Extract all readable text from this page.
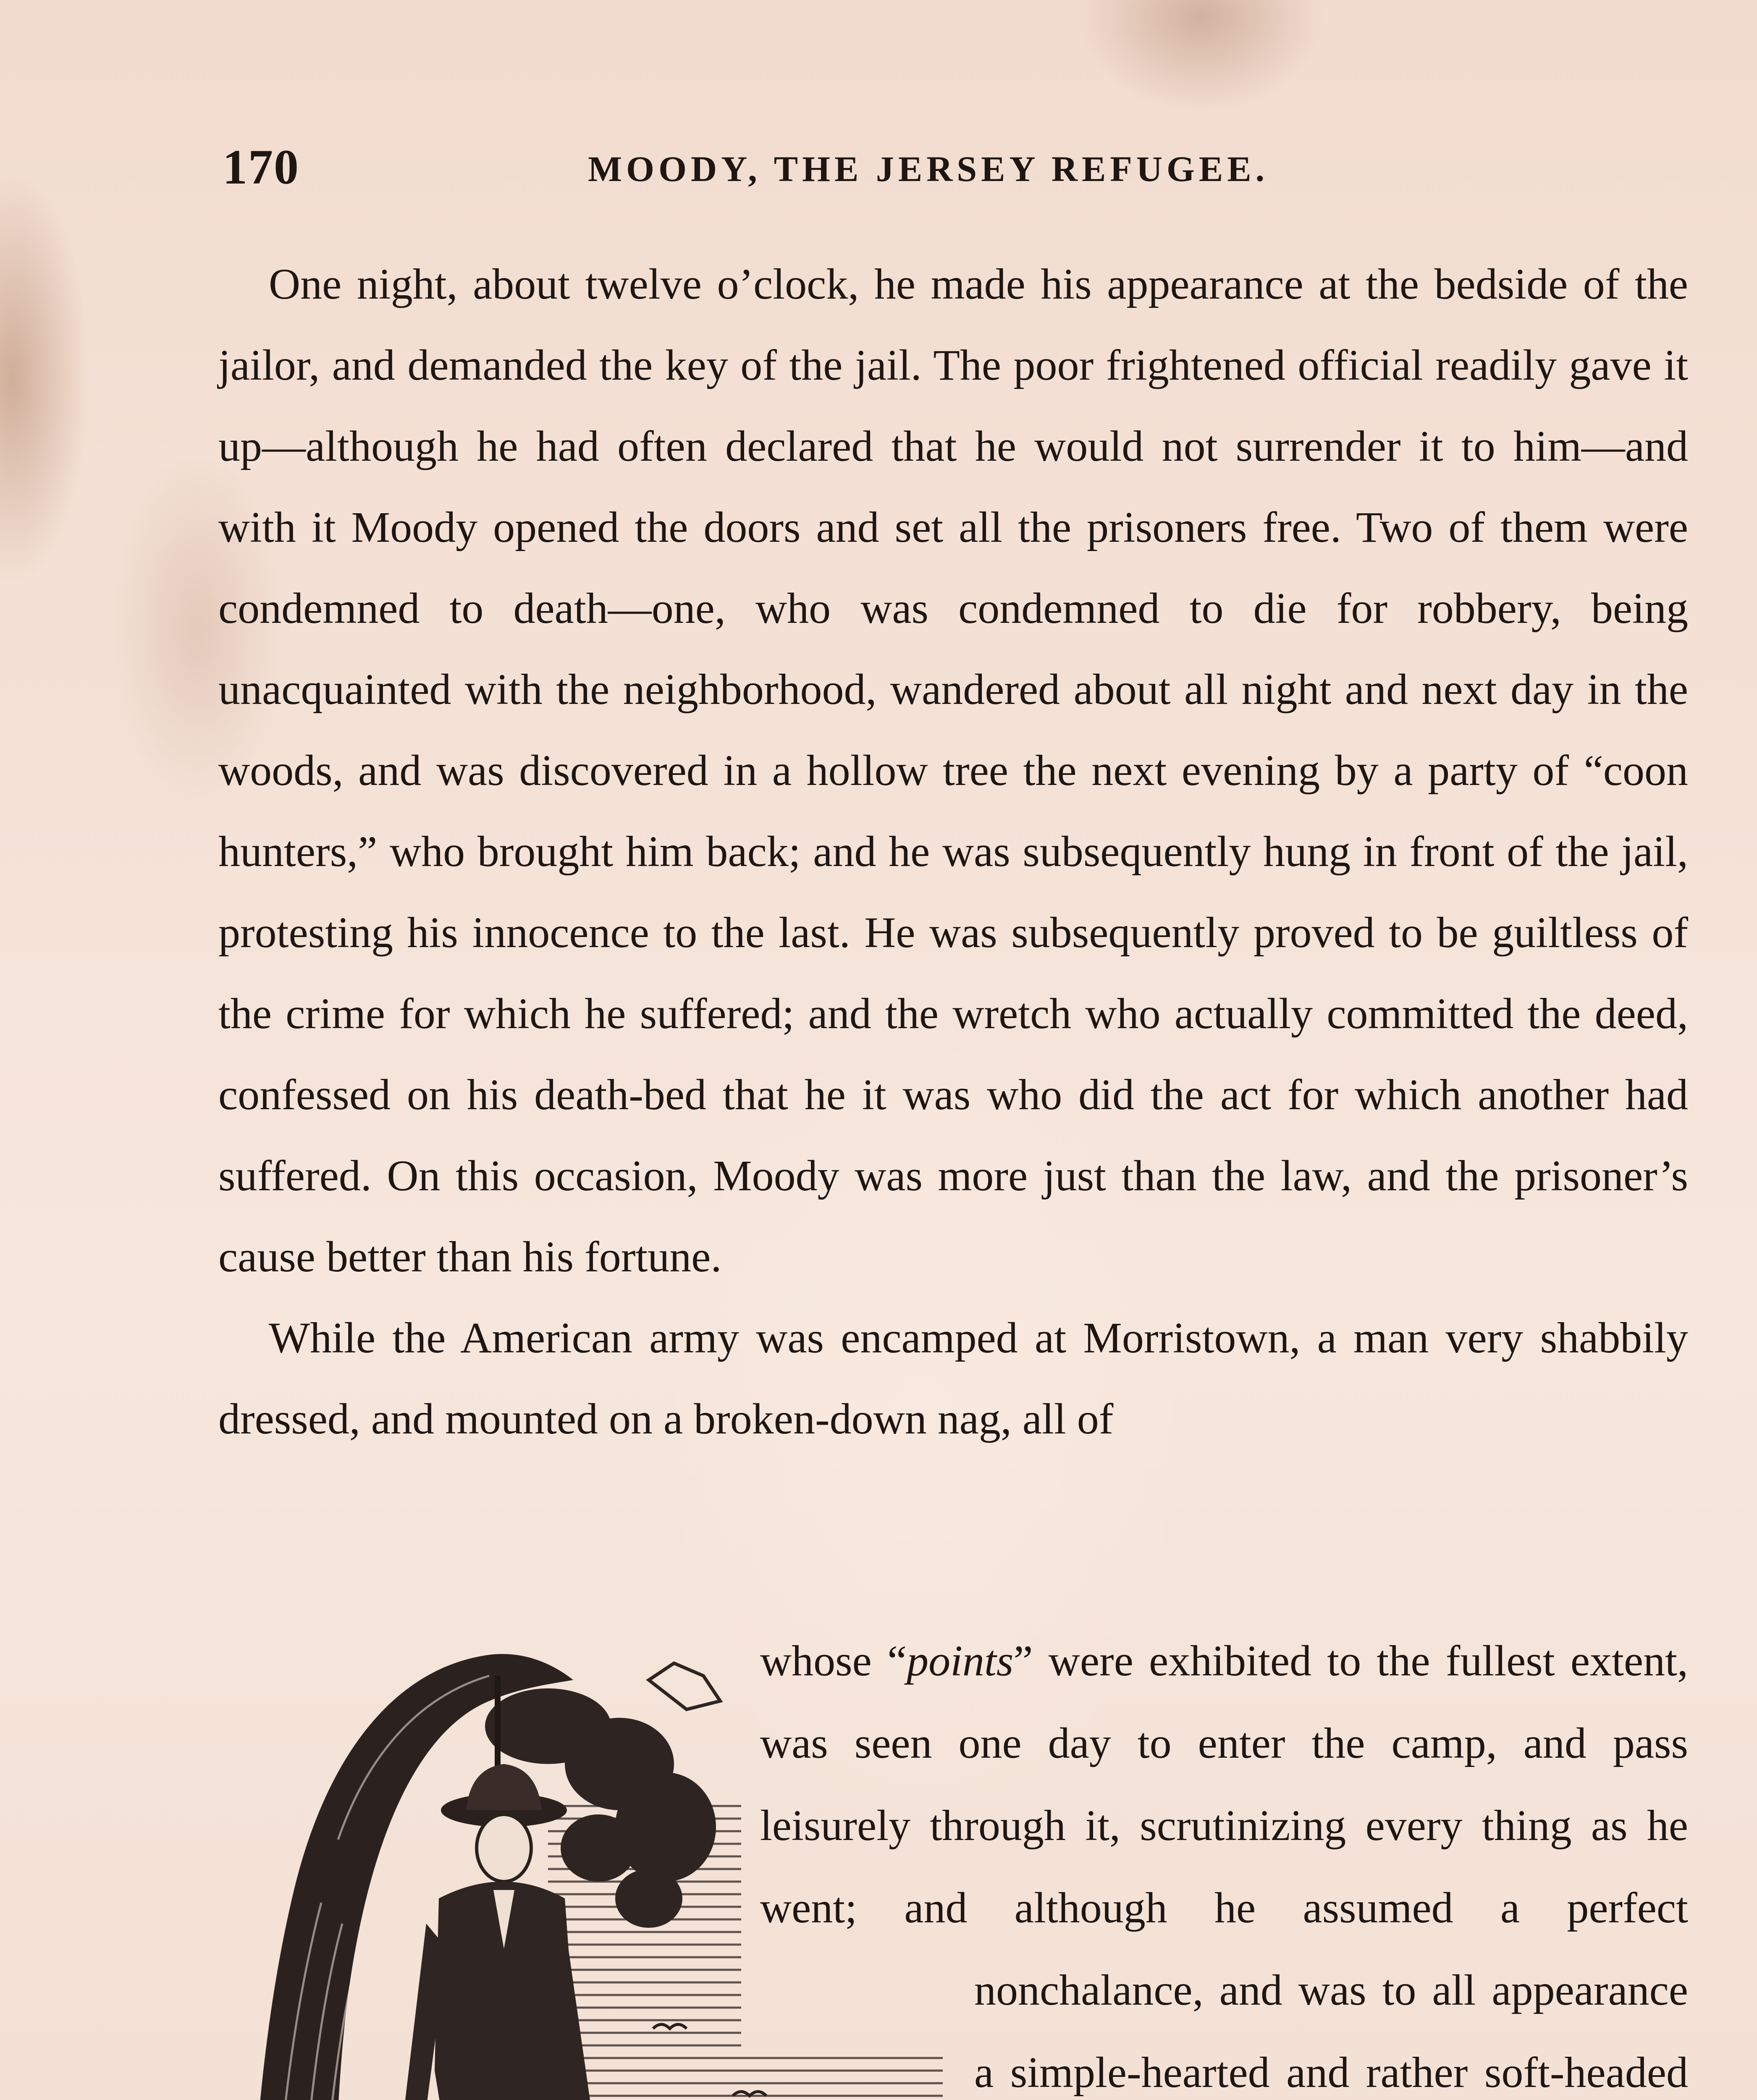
170	MOODY, THE JERSEY REFUGEE.

One night, about twelve o’clock, he made his appearance at the bedside of the jailor, and demanded the key of the jail. The poor frightened official readily gave it up—although he had often declared that he would not surrender it to him—and with it Moody opened the doors and set all the prisoners free. Two of them were condemned to death—one, who was condemned to die for robbery, being unacquainted with the neighborhood, wandered about all night and next day in the woods, and was discovered in a hollow tree the next evening by a party of “coon hunters,” who brought him back; and he was subsequently hung in front of the jail, protesting his innocence to the last. He was subsequently proved to be guiltless of the crime for which he suffered; and the wretch who actually committed the deed, confessed on his death-bed that he it was who did the act for which another had suffered. On this occasion, Moody was more just than the law, and the prisoner’s cause better than his fortune.

While the American army was encamped at Morristown, a man very shabbily dressed, and mounted on a broken-down nag, all of

whose “points” were exhibited to the fullest extent, was seen one day to enter the camp, and pass leisurely through it, scrutinizing every thing as he went; and although he assumed a perfect nonchalance, and was to all appearance a simple-hearted and rather soft-headed
